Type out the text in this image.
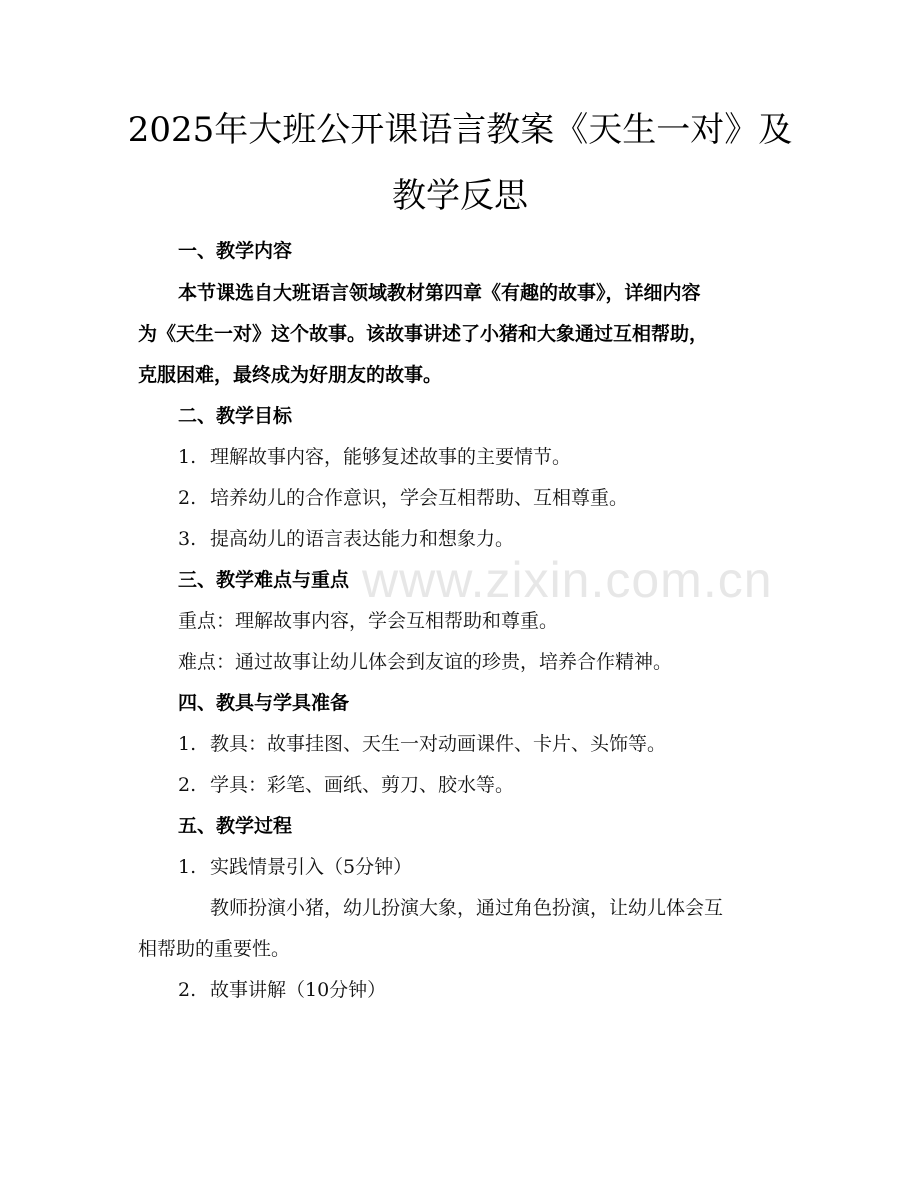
2025年大班公开课语言教案《天生一对》及
教学反思
一、教学内容
本节课选自大班语言领域教材第四章《有趣的故事》，详细内容
为《天生一对》这个故事。该故事讲述了小猪和大象通过互相帮助，
克服困难，最终成为好朋友的故事。
二、教学目标
1. 理解故事内容，能够复述故事的主要情节。
2. 培养幼儿的合作意识，学会互相帮助、互相尊重。
3. 提高幼儿的语言表达能力和想象力。
三、教学难点与重点
重点：理解故事内容，学会互相帮助和尊重。
难点：通过故事让幼儿体会到友谊的珍贵，培养合作精神。
四、教具与学具准备
1. 教具：故事挂图、天生一对动画课件、卡片、头饰等。
2. 学具：彩笔、画纸、剪刀、胶水等。
五、教学过程
1. 实践情景引入（5分钟）
教师扮演小猪，幼儿扮演大象，通过角色扮演，让幼儿体会互
相帮助的重要性。
2. 故事讲解（10分钟）
www.zixin.com.cn
